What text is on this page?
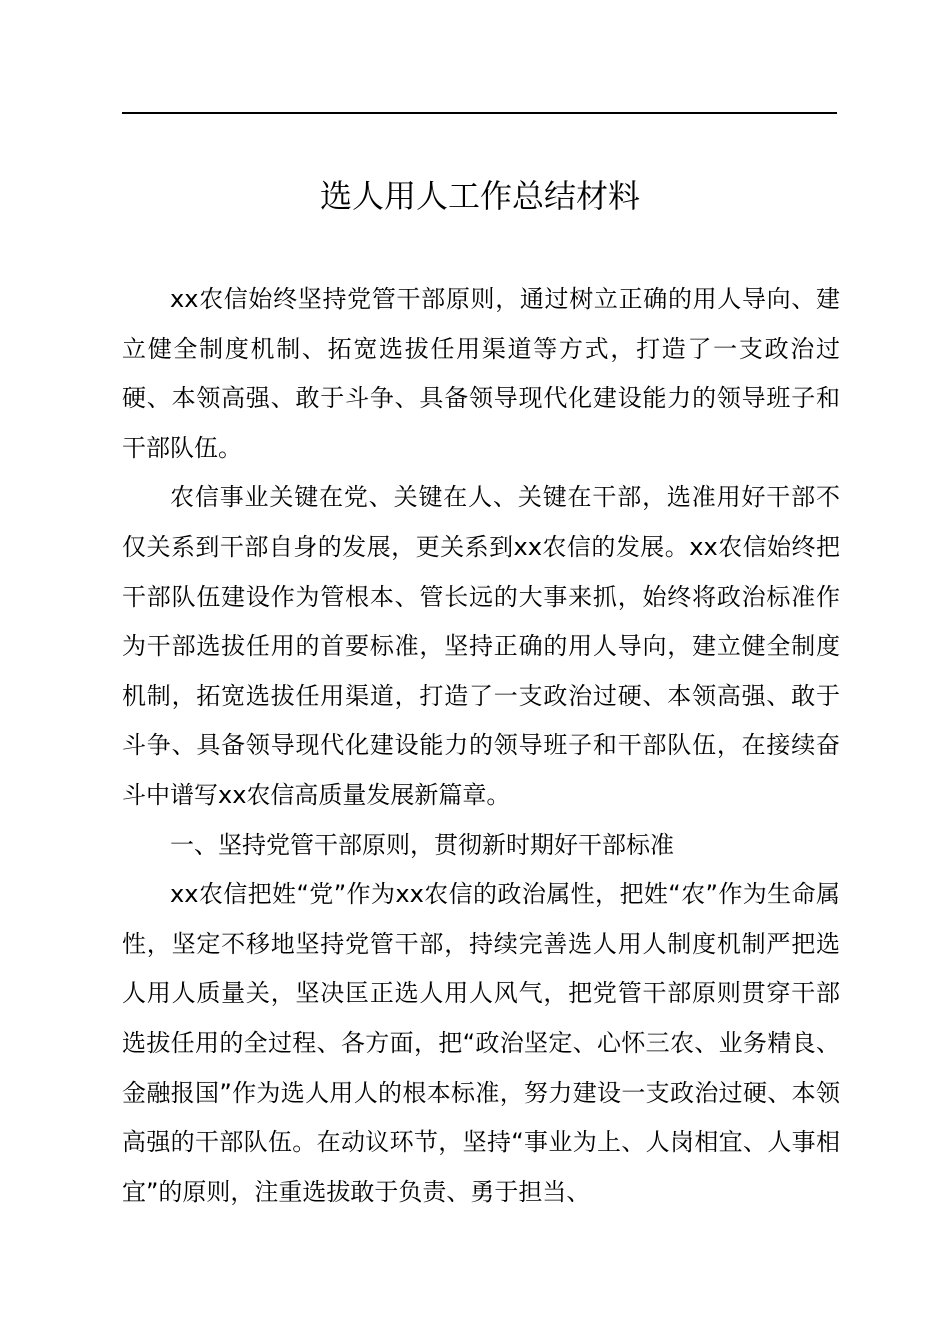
选人用人工作总结材料

xx农信始终坚持党管干部原则，通过树立正确的用人导向、建立健全制度机制、拓宽选拔任用渠道等方式，打造了一支政治过硬、本领高强、敢于斗争、具备领导现代化建设能力的领导班子和干部队伍。

农信事业关键在党、关键在人、关键在干部，选准用好干部不仅关系到干部自身的发展，更关系到xx农信的发展。xx农信始终把干部队伍建设作为管根本、管长远的大事来抓，始终将政治标准作为干部选拔任用的首要标准，坚持正确的用人导向，建立健全制度机制，拓宽选拔任用渠道，打造了一支政治过硬、本领高强、敢于斗争、具备领导现代化建设能力的领导班子和干部队伍，在接续奋斗中谱写xx农信高质量发展新篇章。

一、坚持党管干部原则，贯彻新时期好干部标准

xx农信把姓“党”作为xx农信的政治属性，把姓“农”作为生命属性，坚定不移地坚持党管干部，持续完善选人用人制度机制严把选人用人质量关，坚决匡正选人用人风气，把党管干部原则贯穿干部选拔任用的全过程、各方面，把“政治坚定、心怀三农、业务精良、金融报国”作为选人用人的根本标准，努力建设一支政治过硬、本领高强的干部队伍。在动议环节，坚持“事业为上、人岗相宜、人事相宜”的原则，注重选拔敢于负责、勇于担当、
